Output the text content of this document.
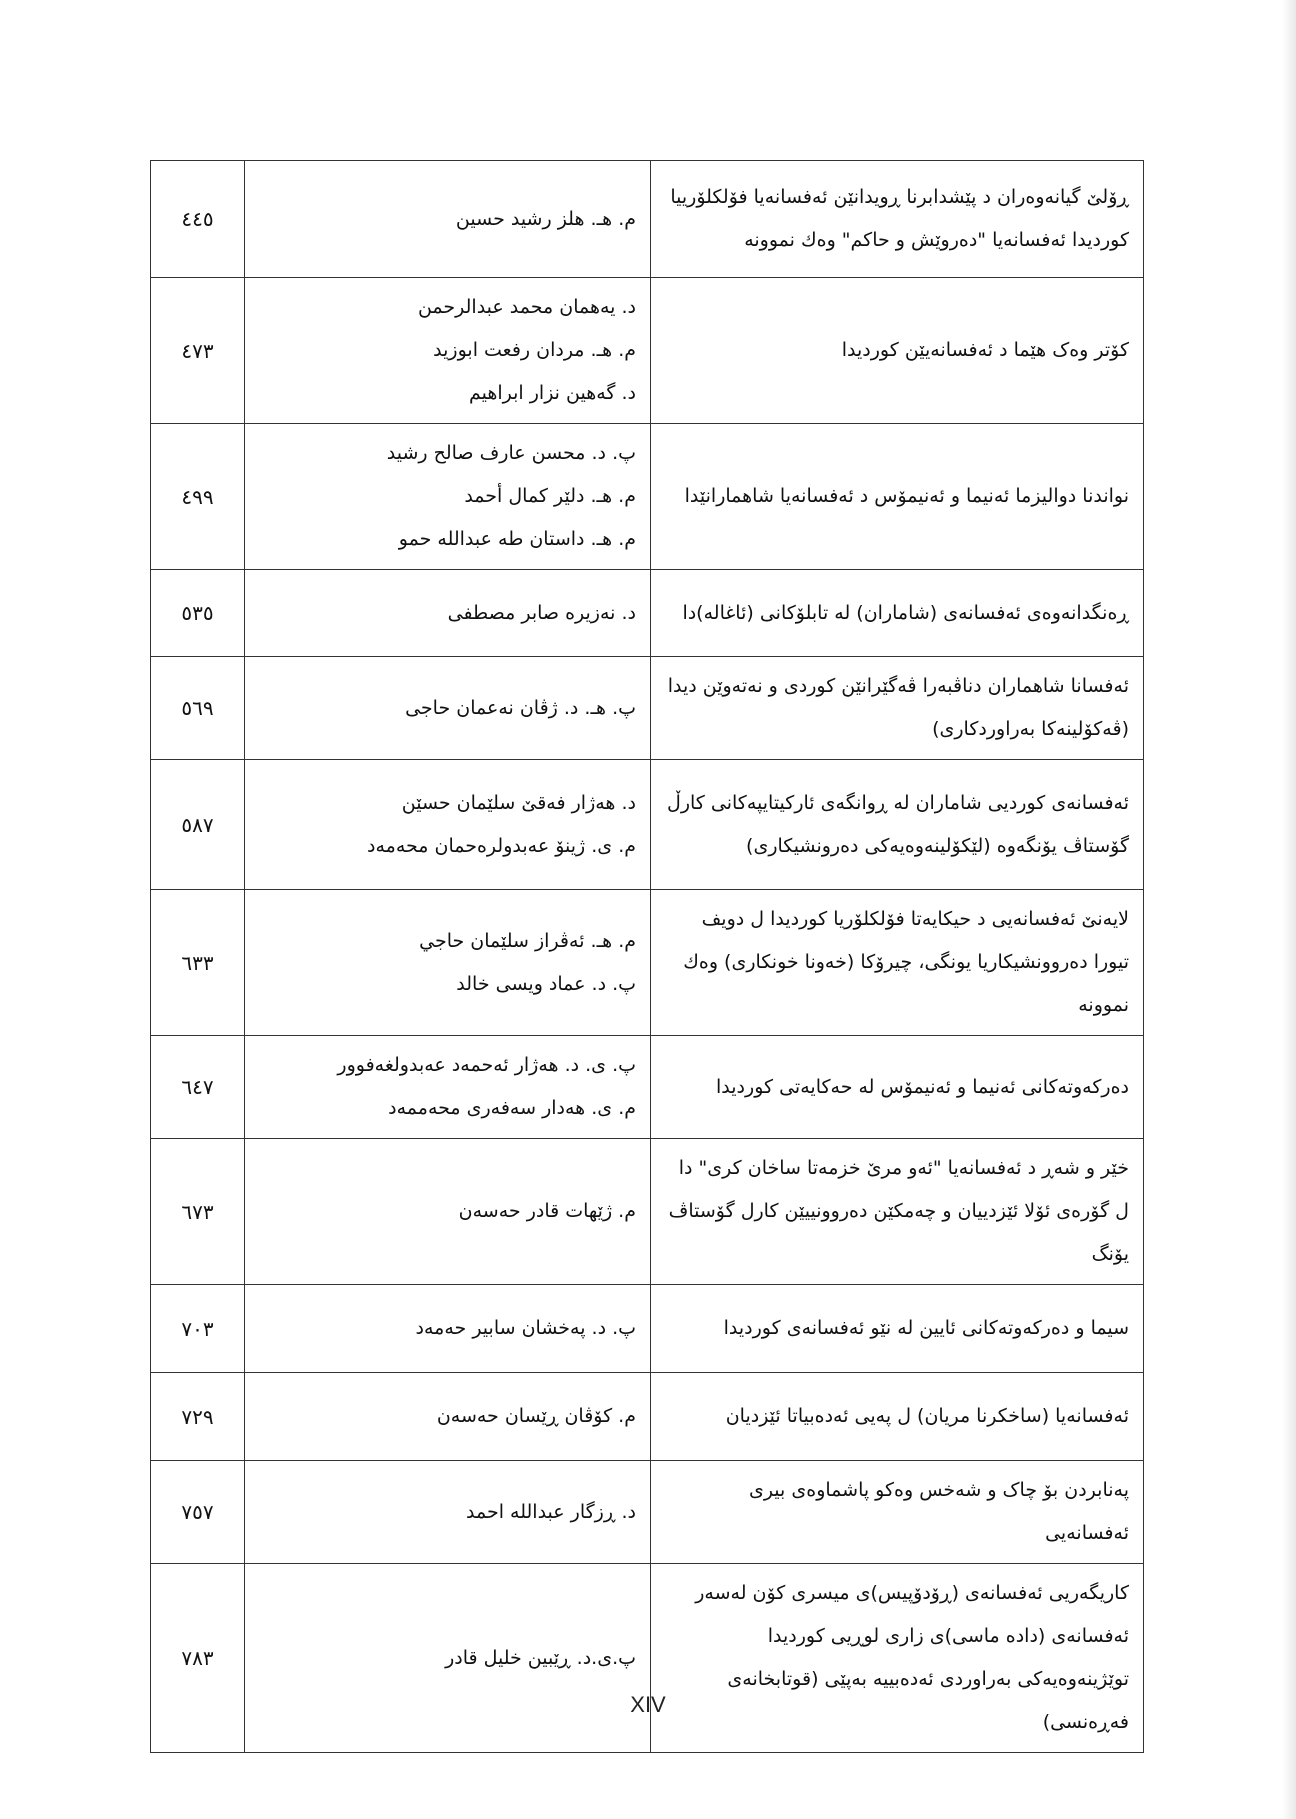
٤٤٥	م. هـ. هلز رشيد حسين	ڕۆلێ گیانەوەران د پێشدابرنا ڕویدانێن ئەفسانەیا فۆلکلۆرییا کوردیدا ئەفسانەیا "دەروێش و حاکم" وەك نموونە
٤٧٣	د. یەهمان محمد عبدالرحمن
م. هـ. مردان رفعت ابوزید
د. گەهین نزار ابراهیم	کۆتر وەک هێما د ئەفسانەیێن کوردیدا
٤٩٩	پ. د. محسن عارف صالح رشید
م. هـ. دلێر کمال أحمد
م. هـ. داستان طه عبدالله حمو	نواندنا دوالیزما ئەنیما و ئەنیمۆس د ئەفسانەیا شاهمارانێدا
٥٣٥	د. نەزیرە صابر مصطفی	ڕەنگدانەوەی ئەفسانەی (شاماران) لە تابلۆکانی (ئاغالە)دا
٥٦٩	پ. هـ. د. ژڤان نەعمان حاجی	ئەفسانا شاهماران دناڤبەرا ڤەگێرانێن کوردی و نەتەوێن دیدا (ڤەکۆلینەکا بەراوردکاری)
٥٨٧	د. هەژار فەقێ سلێمان حسێن
م. ی. ژینۆ عەبدولرەحمان محەمەد	ئەفسانەی کوردیی شاماران لە ڕوانگەی ئارکیتایپەکانی کارڵ گۆستاڤ یۆنگەوە (لێکۆلینەوەیەکی دەرونشیکاری)
٦٣٣	م. هـ. ئەڤراز سلێمان حاجي
پ. د. عماد ویسی خالد	لایەنێ ئەفسانەیی د حیکایەتا فۆلکلۆریا کوردیدا ل دویف تیورا دەروونشیکاریا یونگی، چیرۆکا (خەونا خونکاری) وەك نموونە
٦٤٧	پ. ی. د. هەژار ئەحمەد عەبدولغەفوور
م. ی. هەدار سەفەری محەممەد	دەرکەوتەکانی ئەنیما و ئەنیمۆس لە حەکایەتی کوردیدا
٦٧٣	م. ژێهات قادر حەسەن	خێر و شەڕ د ئەفسانەیا "ئەو مرێ خزمەتا ساخان کری" دا ل گۆرەی ئۆلا ئێزدییان و چەمکێن دەروونییێن کارل گۆستاڤ یۆنگ
٧٠٣	پ. د. پەخشان سابیر حەمەد	سیما و دەرکەوتەکانی ئایین لە نێو ئەفسانەی کوردیدا
٧٢٩	م. کۆڤان ڕێسان حەسەن	ئەفسانەیا (ساخکرنا مریان) ل پەیی ئەدەبیاتا ئێزدیان
٧٥٧	د. ڕزگار عبدالله احمد	پەنابردن بۆ چاک و شەخس وەکو پاشماوەی بیری ئەفسانەیی
٧٨٣	پ.ی.د. ڕێبین خلیل قادر	کاریگەریی ئەفسانەی (ڕۆدۆپیس)ی میسری کۆن لەسەر ئەفسانەی (دادە ماسی)ی زاری لوڕیی کوردیدا توێژینەوەیەکی بەراوردی ئەدەبییە بەپێی (قوتابخانەی فەڕەنسی)
XIV
